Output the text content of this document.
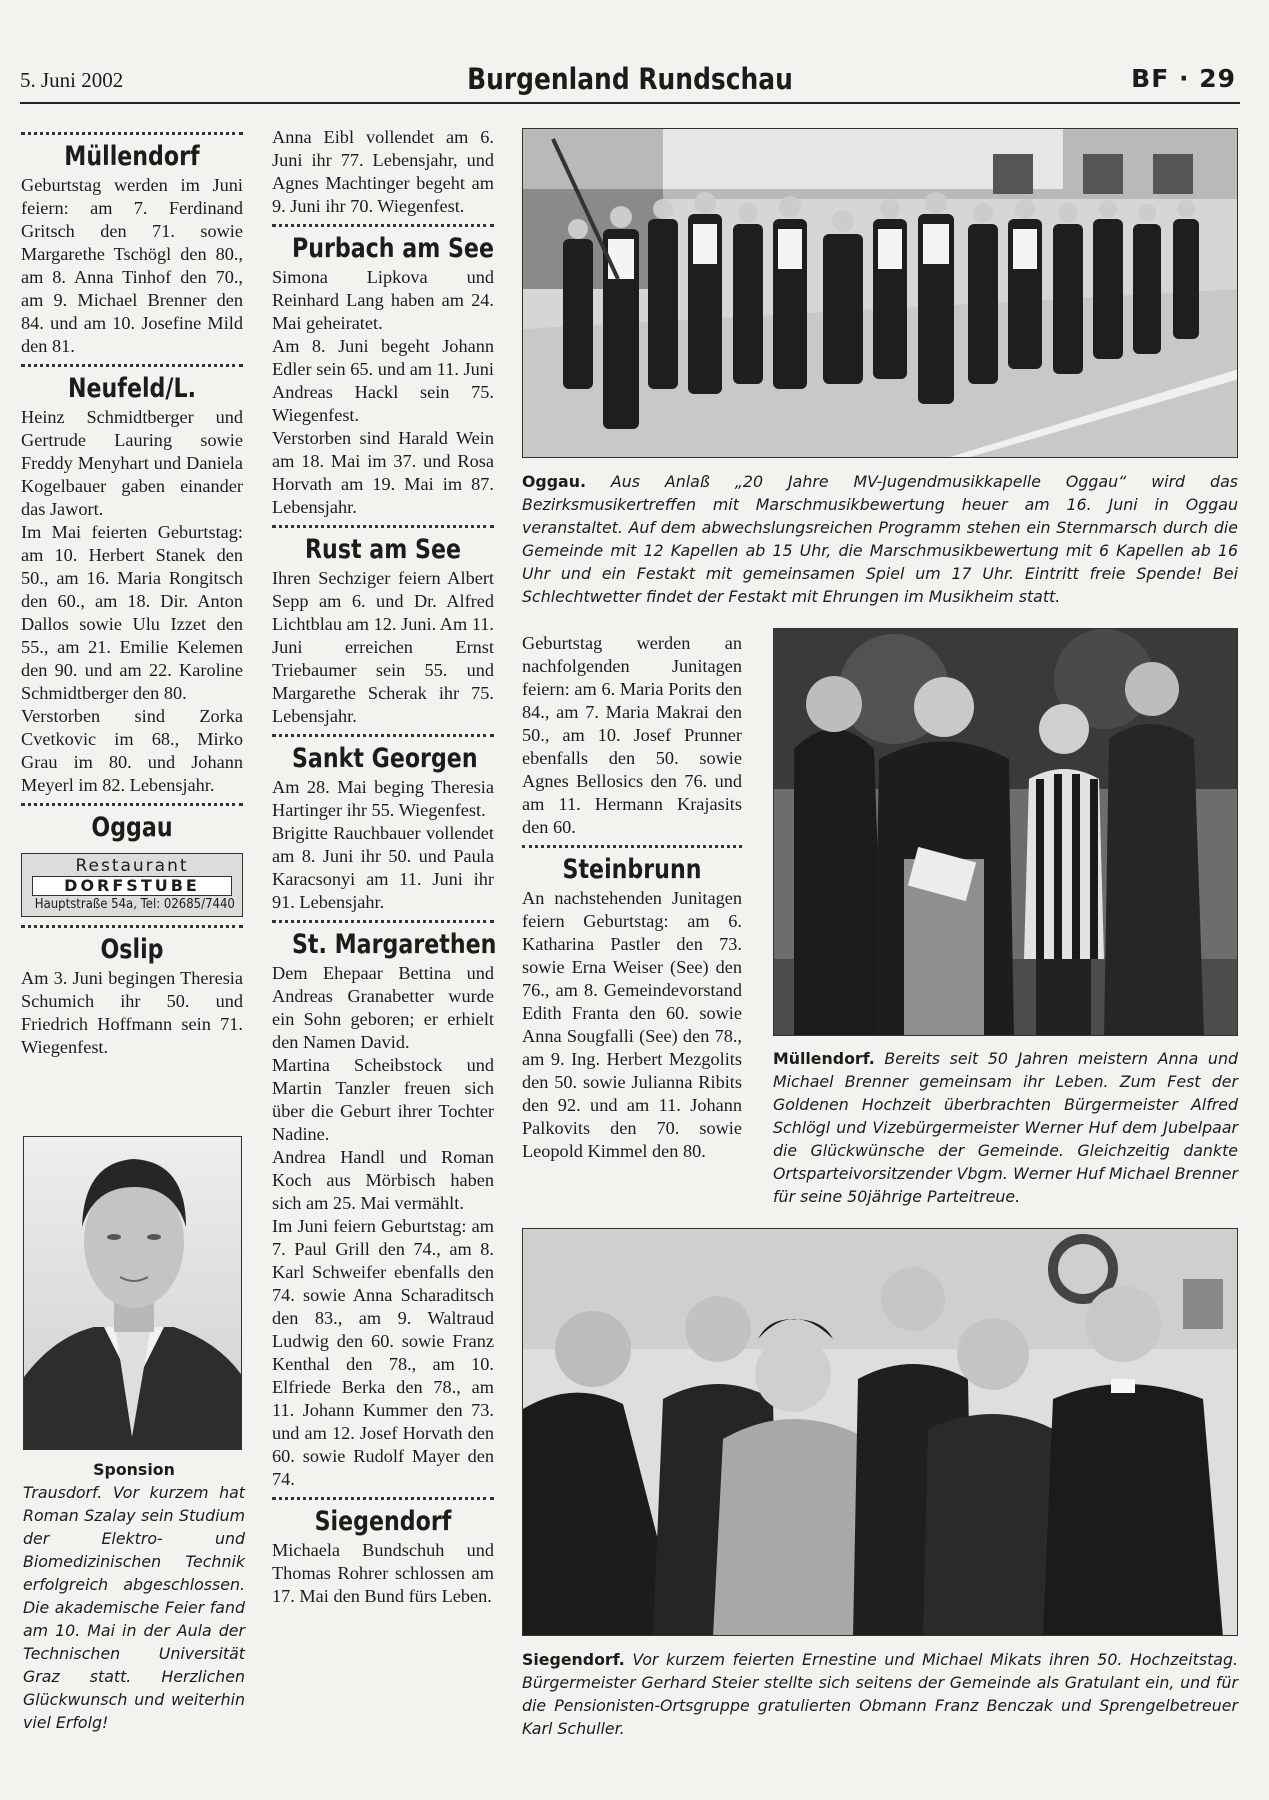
5. Juni 2002	Burgenland Rundschau	BF · 29
Müllendorf

Geburtstag werden im Juni feiern: am 7. Ferdinand Gritsch den 71. sowie Margarethe Tschögl den 80., am 8. Anna Tinhof den 70., am 9. Michael Brenner den 84. und am 10. Josefine Mild den 81.

Neufeld/L.

Heinz Schmidtberger und Gertrude Lauring sowie Freddy Menyhart und Daniela Kogelbauer gaben einander das Jawort.

Im Mai feierten Geburtstag: am 10. Herbert Stanek den 50., am 16. Maria Rongitsch den 60., am 18. Dir. Anton Dallos sowie Ulu Izzet den 55., am 21. Emilie Kelemen den 90. und am 22. Karoline Schmidtberger den 80.

Verstorben sind Zorka Cvetkovic im 68., Mirko Grau im 80. und Johann Meyerl im 82. Lebensjahr.

Oggau
Restaurant
DORFSTUBE
Hauptstraße 54a, Tel: 02685/7440
Oslip

Am 3. Juni begingen Theresia Schumich ihr 50. und Friedrich Hoffmann sein 71. Wiegenfest.

Sponsion
Trausdorf. Vor kurzem hat Roman Szalay sein Studium der Elektro- und Biomedizinischen Technik erfolgreich abgeschlossen. Die akademische Feier fand am 10. Mai in der Aula der Technischen Universität Graz statt. Herzlichen Glückwunsch und weiterhin viel Erfolg!

Anna Eibl vollendet am 6. Juni ihr 77. Lebensjahr, und Agnes Machtinger begeht am 9. Juni ihr 70. Wiegenfest.

Purbach am See

Simona Lipkova und Reinhard Lang haben am 24. Mai geheiratet.

Am 8. Juni begeht Johann Edler sein 65. und am 11. Juni Andreas Hackl sein 75. Wiegenfest.

Verstorben sind Harald Wein am 18. Mai im 37. und Rosa Horvath am 19. Mai im 87. Lebensjahr.

Rust am See

Ihren Sechziger feiern Albert Sepp am 6. und Dr. Alfred Lichtblau am 12. Juni. Am 11. Juni erreichen Ernst Triebaumer sein 55. und Margarethe Scherak ihr 75. Lebensjahr.

Sankt Georgen

Am 28. Mai beging Theresia Hartinger ihr 55. Wiegenfest.

Brigitte Rauchbauer vollendet am 8. Juni ihr 50. und Paula Karacsonyi am 11. Juni ihr 91. Lebensjahr.

St. Margarethen

Dem Ehepaar Bettina und Andreas Granabetter wurde ein Sohn geboren; er erhielt den Namen David.

Martina Scheibstock und Martin Tanzler freuen sich über die Geburt ihrer Tochter Nadine.

Andrea Handl und Roman Koch aus Mörbisch haben sich am 25. Mai vermählt.

Im Juni feiern Geburtstag: am 7. Paul Grill den 74., am 8. Karl Schweifer ebenfalls den 74. sowie Anna Scharaditsch den 83., am 9. Waltraud Ludwig den 60. sowie Franz Kenthal den 78., am 10. Elfriede Berka den 78., am 11. Johann Kummer den 73. und am 12. Josef Horvath den 60. sowie Rudolf Mayer den 74.

Siegendorf

Michaela Bundschuh und Thomas Rohrer schlossen am 17. Mai den Bund fürs Leben.

Oggau. Aus Anlaß „20 Jahre MV-Jugendmusikkapelle Oggau“ wird das Bezirksmusikertreffen mit Marschmusikbewertung heuer am 16. Juni in Oggau veranstaltet. Auf dem abwechslungsreichen Programm stehen ein Sternmarsch durch die Gemeinde mit 12 Kapellen ab 15 Uhr, die Marschmusikbewertung mit 6 Kapellen ab 16 Uhr und ein Festakt mit gemeinsamen Spiel um 17 Uhr. Eintritt freie Spende! Bei Schlechtwetter findet der Festakt mit Ehrungen im Musikheim statt.

Geburtstag werden an nachfolgenden Junitagen feiern: am 6. Maria Porits den 84., am 7. Maria Makrai den 50., am 10. Josef Prunner ebenfalls den 50. sowie Agnes Bellosics den 76. und am 11. Hermann Krajasits den 60.

Steinbrunn

An nachstehenden Junitagen feiern Geburtstag: am 6. Katharina Pastler den 73. sowie Erna Weiser (See) den 76., am 8. Gemeindevorstand Edith Franta den 60. sowie Anna Sougfalli (See) den 78., am 9. Ing. Herbert Mezgolits den 50. sowie Julianna Ribits den 92. und am 11. Johann Palkovits den 70. sowie Leopold Kimmel den 80.

Müllendorf. Bereits seit 50 Jahren meistern Anna und Michael Brenner gemeinsam ihr Leben. Zum Fest der Goldenen Hochzeit überbrachten Bürgermeister Alfred Schlögl und Vizebürgermeister Werner Huf dem Jubelpaar die Glückwünsche der Gemeinde. Gleichzeitig dankte Ortsparteivorsitzender Vbgm. Werner Huf Michael Brenner für seine 50jährige Parteitreue.
Siegendorf. Vor kurzem feierten Ernestine und Michael Mikats ihren 50. Hochzeitstag. Bürgermeister Gerhard Steier stellte sich seitens der Gemeinde als Gratulant ein, und für die Pensionisten-Ortsgruppe gratulierten Obmann Franz Benczak und Sprengelbetreuer Karl Schuller.
